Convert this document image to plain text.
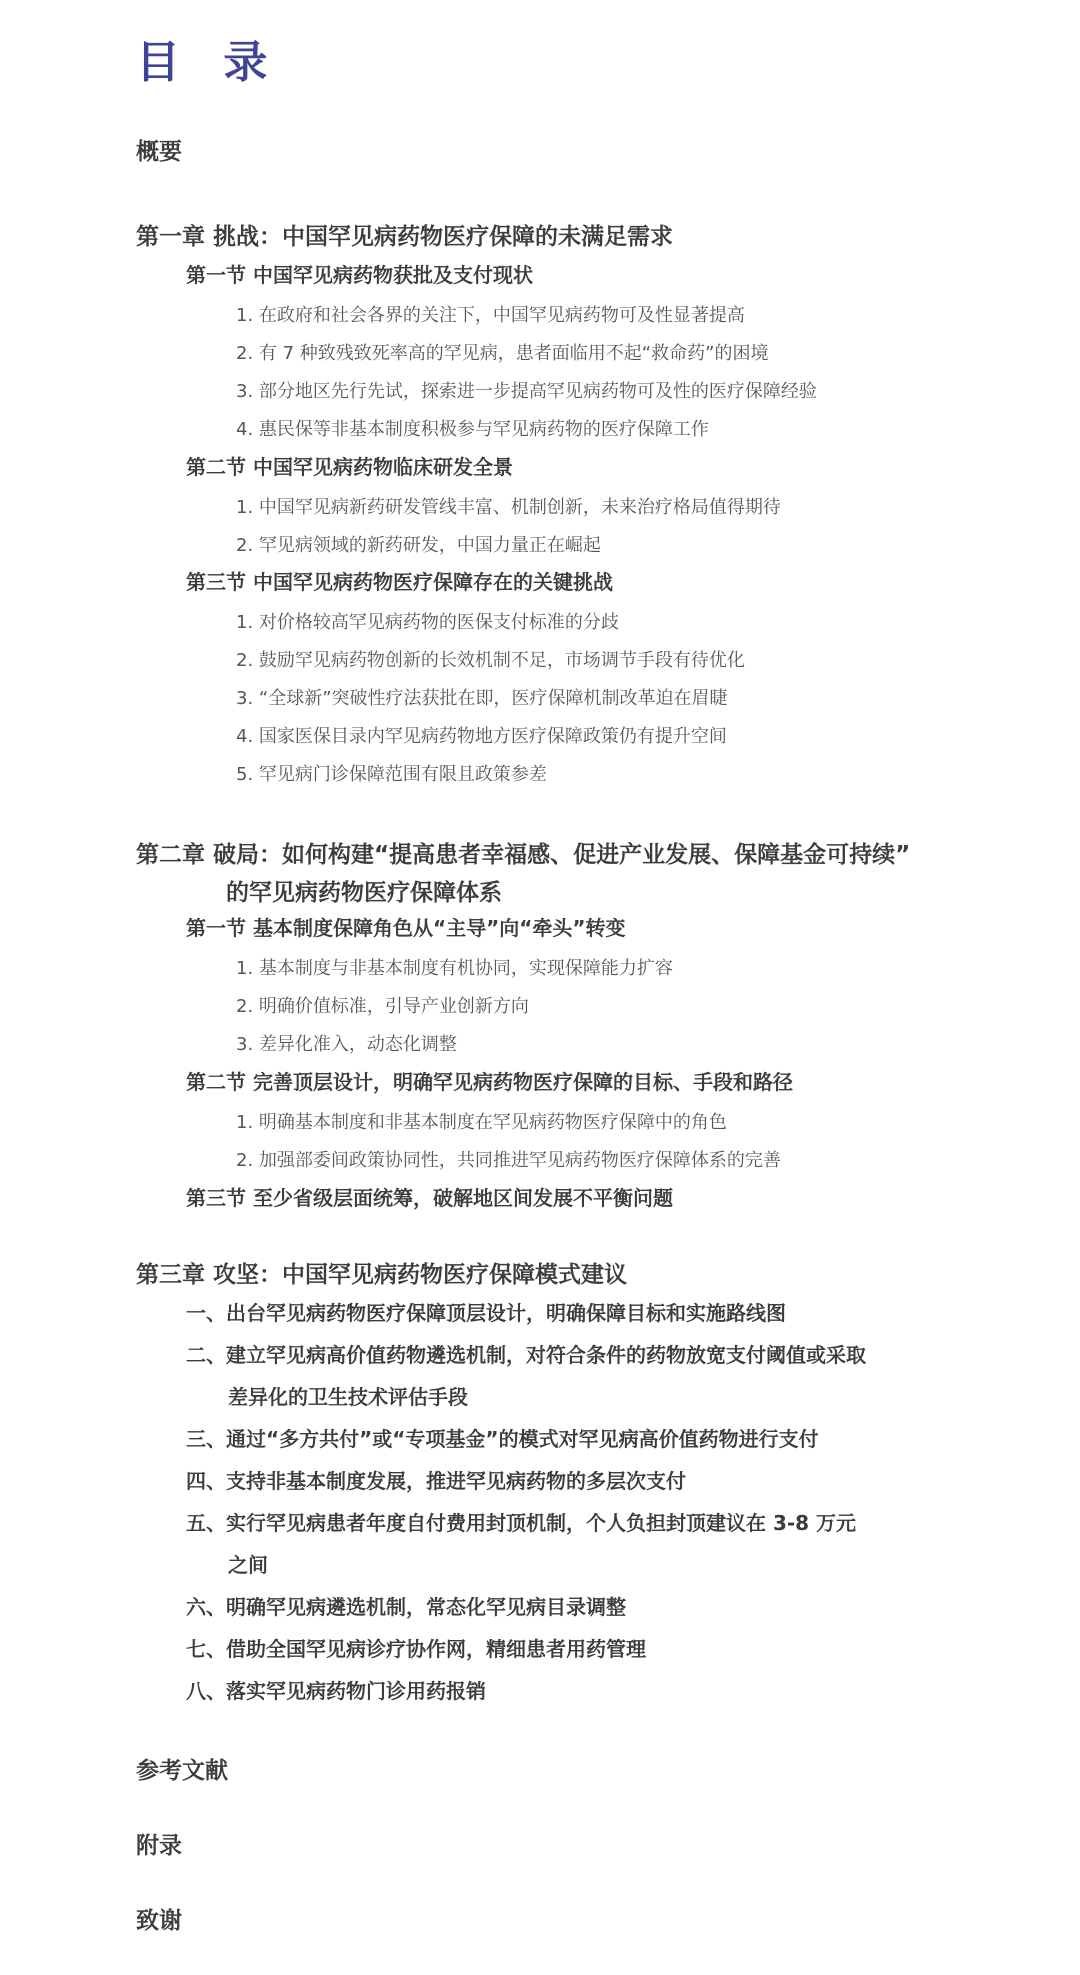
目 录
概要
第一章 挑战：中国罕见病药物医疗保障的未满足需求
第一节 中国罕见病药物获批及支付现状
1. 在政府和社会各界的关注下，中国罕见病药物可及性显著提高
2. 有 7 种致残致死率高的罕见病，患者面临用不起“救命药”的困境
3. 部分地区先行先试，探索进一步提高罕见病药物可及性的医疗保障经验
4. 惠民保等非基本制度积极参与罕见病药物的医疗保障工作
第二节 中国罕见病药物临床研发全景
1. 中国罕见病新药研发管线丰富、机制创新，未来治疗格局值得期待
2. 罕见病领域的新药研发，中国力量正在崛起
第三节 中国罕见病药物医疗保障存在的关键挑战
1. 对价格较高罕见病药物的医保支付标准的分歧
2. 鼓励罕见病药物创新的长效机制不足，市场调节手段有待优化
3. “全球新”突破性疗法获批在即，医疗保障机制改革迫在眉睫
4. 国家医保目录内罕见病药物地方医疗保障政策仍有提升空间
5. 罕见病门诊保障范围有限且政策参差
第二章 破局：如何构建“提高患者幸福感、促进产业发展、保障基金可持续”
的罕见病药物医疗保障体系
第一节 基本制度保障角色从“主导”向“牵头”转变
1. 基本制度与非基本制度有机协同，实现保障能力扩容
2. 明确价值标准，引导产业创新方向
3. 差异化准入，动态化调整
第二节 完善顶层设计，明确罕见病药物医疗保障的目标、手段和路径
1. 明确基本制度和非基本制度在罕见病药物医疗保障中的角色
2. 加强部委间政策协同性，共同推进罕见病药物医疗保障体系的完善
第三节 至少省级层面统筹，破解地区间发展不平衡问题
第三章 攻坚：中国罕见病药物医疗保障模式建议
一、出台罕见病药物医疗保障顶层设计，明确保障目标和实施路线图
二、建立罕见病高价值药物遴选机制，对符合条件的药物放宽支付阈值或采取
差异化的卫生技术评估手段
三、通过“多方共付”或“专项基金”的模式对罕见病高价值药物进行支付
四、支持非基本制度发展，推进罕见病药物的多层次支付
五、实行罕见病患者年度自付费用封顶机制，个人负担封顶建议在 3-8 万元
之间
六、明确罕见病遴选机制，常态化罕见病目录调整
七、借助全国罕见病诊疗协作网，精细患者用药管理
八、落实罕见病药物门诊用药报销
参考文献
附录
致谢
